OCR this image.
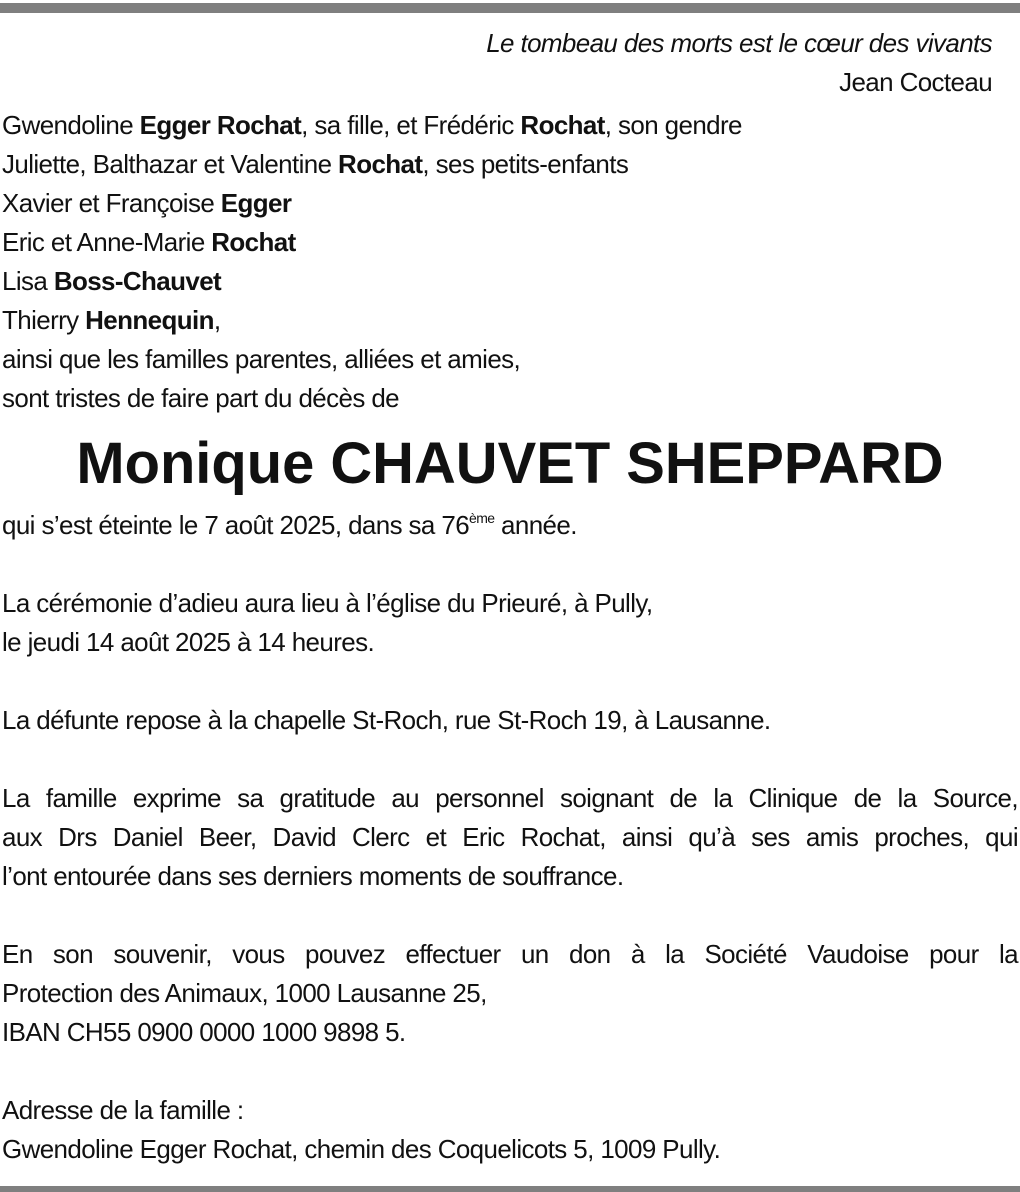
Le tombeau des morts est le cœur des vivants
Jean Cocteau
Gwendoline Egger Rochat, sa fille, et Frédéric Rochat, son gendre
Juliette, Balthazar et Valentine Rochat, ses petits-enfants
Xavier et Françoise Egger
Eric et Anne-Marie Rochat
Lisa Boss-Chauvet
Thierry Hennequin,
ainsi que les familles parentes, alliées et amies,
sont tristes de faire part du décès de
Monique CHAUVET SHEPPARD
qui s’est éteinte le 7 août 2025, dans sa 76ème année.
La cérémonie d’adieu aura lieu à l’église du Prieuré, à Pully,
le jeudi 14 août 2025 à 14 heures.
La défunte repose à la chapelle St-Roch, rue St-Roch 19, à Lausanne.
La famille exprime sa gratitude au personnel soignant de la Clinique de la Source,
aux Drs Daniel Beer, David Clerc et Eric Rochat, ainsi qu’à ses amis proches, qui
l’ont entourée dans ses derniers moments de souffrance.
En son souvenir, vous pouvez effectuer un don à la Société Vaudoise pour la
Protection des Animaux, 1000 Lausanne 25,
IBAN CH55 0900 0000 1000 9898 5.
Adresse de la famille :
Gwendoline Egger Rochat, chemin des Coquelicots 5, 1009 Pully.
